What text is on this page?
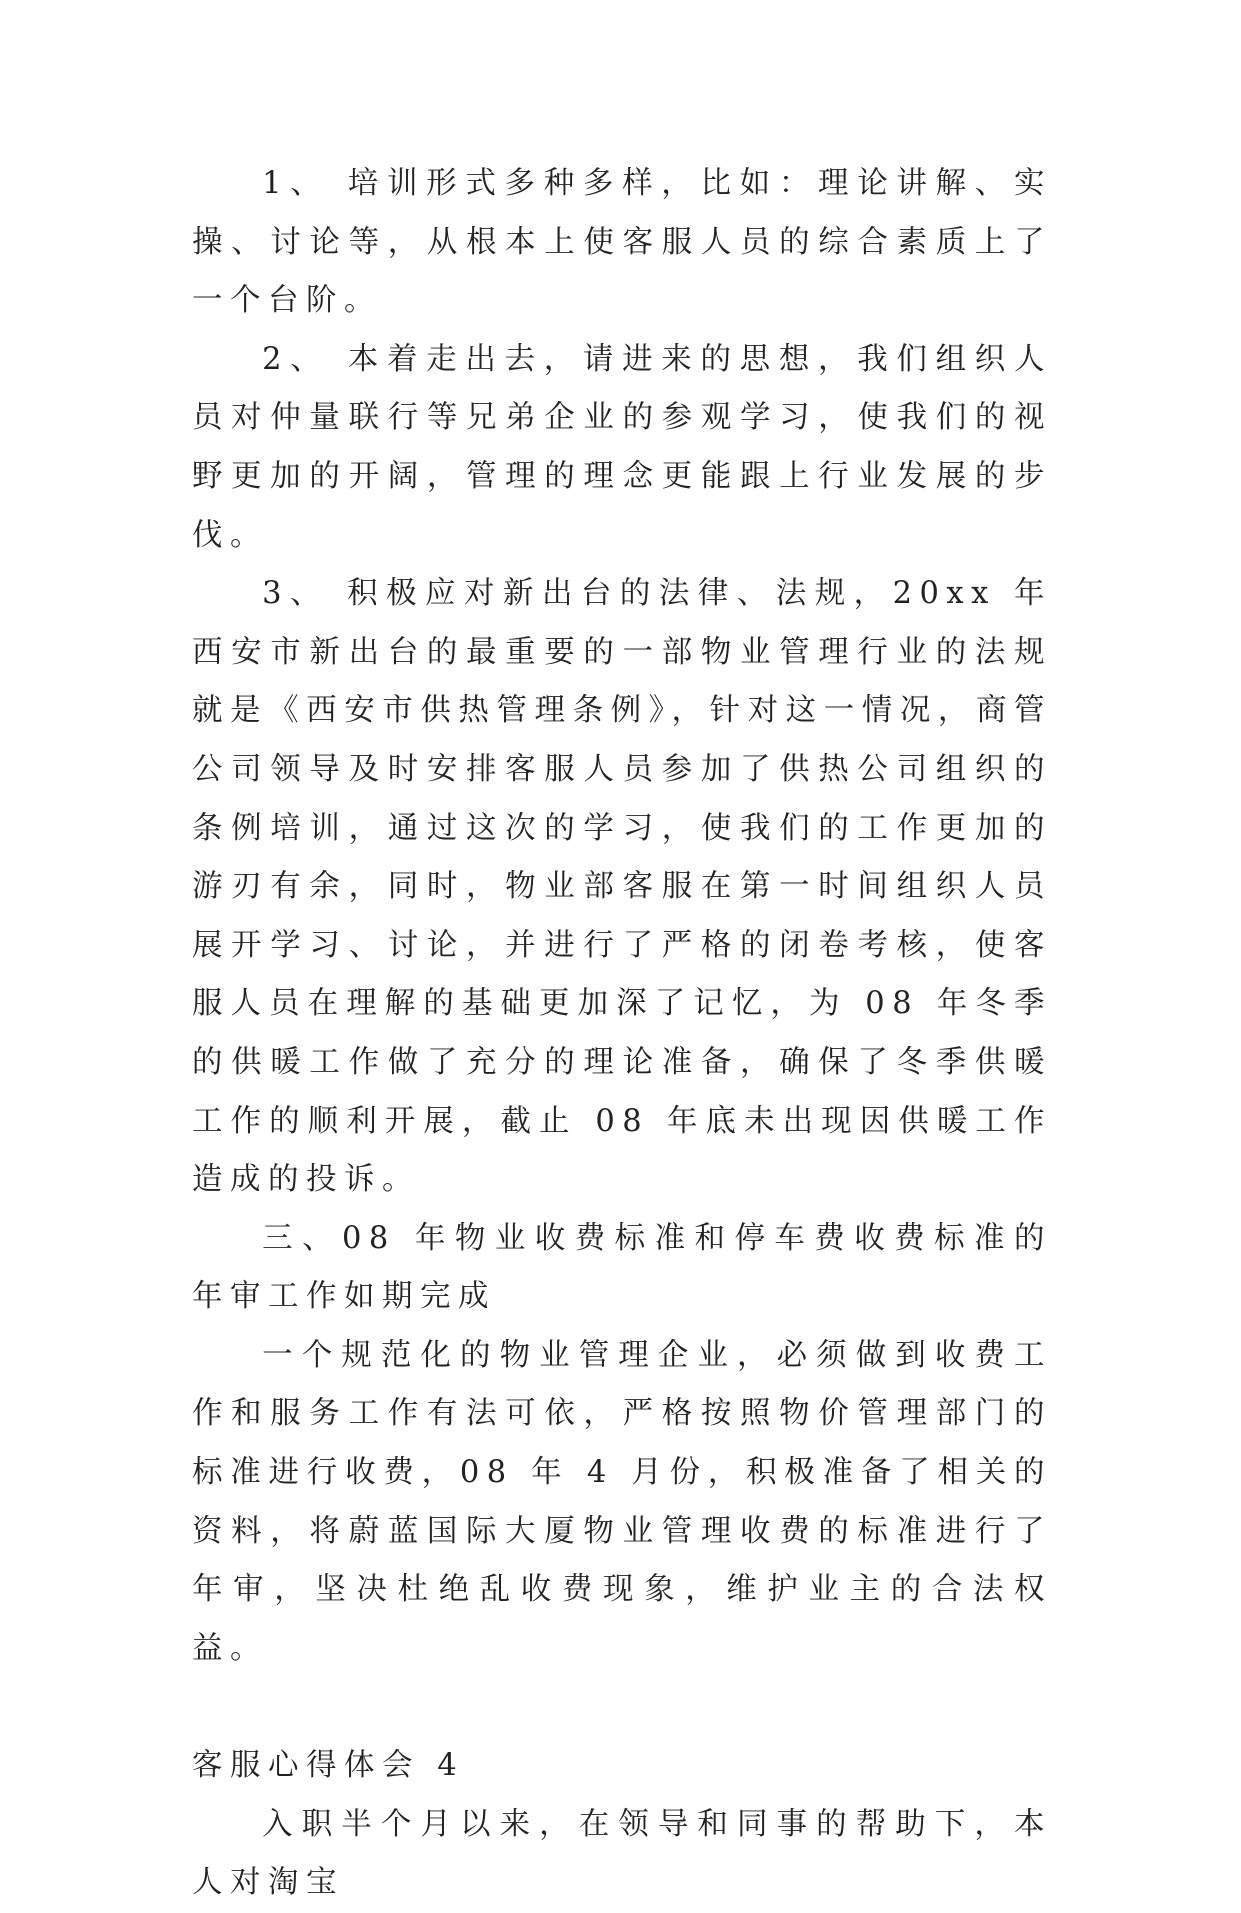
1、 培训形式多种多样，比如：理论讲解、实操、讨论等，从根本上使客服人员的综合素质上了一个台阶。

2、 本着走出去，请进来的思想，我们组织人员对仲量联行等兄弟企业的参观学习，使我们的视野更加的开阔，管理的理念更能跟上行业发展的步伐。

3、 积极应对新出台的法律、法规，20xx 年西安市新出台的最重要的一部物业管理行业的法规就是《西安市供热管理条例》，针对这一情况，商管公司领导及时安排客服人员参加了供热公司组织的条例培训，通过这次的学习，使我们的工作更加的游刃有余，同时，物业部客服在第一时间组织人员展开学习、讨论，并进行了严格的闭卷考核，使客服人员在理解的基础更加深了记忆，为 08 年冬季的供暖工作做了充分的理论准备，确保了冬季供暖工作的顺利开展，截止 08 年底未出现因供暖工作造成的投诉。

三、08 年物业收费标准和停车费收费标准的年审工作如期完成

一个规范化的物业管理企业，必须做到收费工作和服务工作有法可依，严格按照物价管理部门的标准进行收费，08 年 4 月份，积极准备了相关的资料，将蔚蓝国际大厦物业管理收费的标准进行了年审，坚决杜绝乱收费现象，维护业主的合法权益。

客服心得体会 4

入职半个月以来，在领导和同事的帮助下，本人对淘宝
